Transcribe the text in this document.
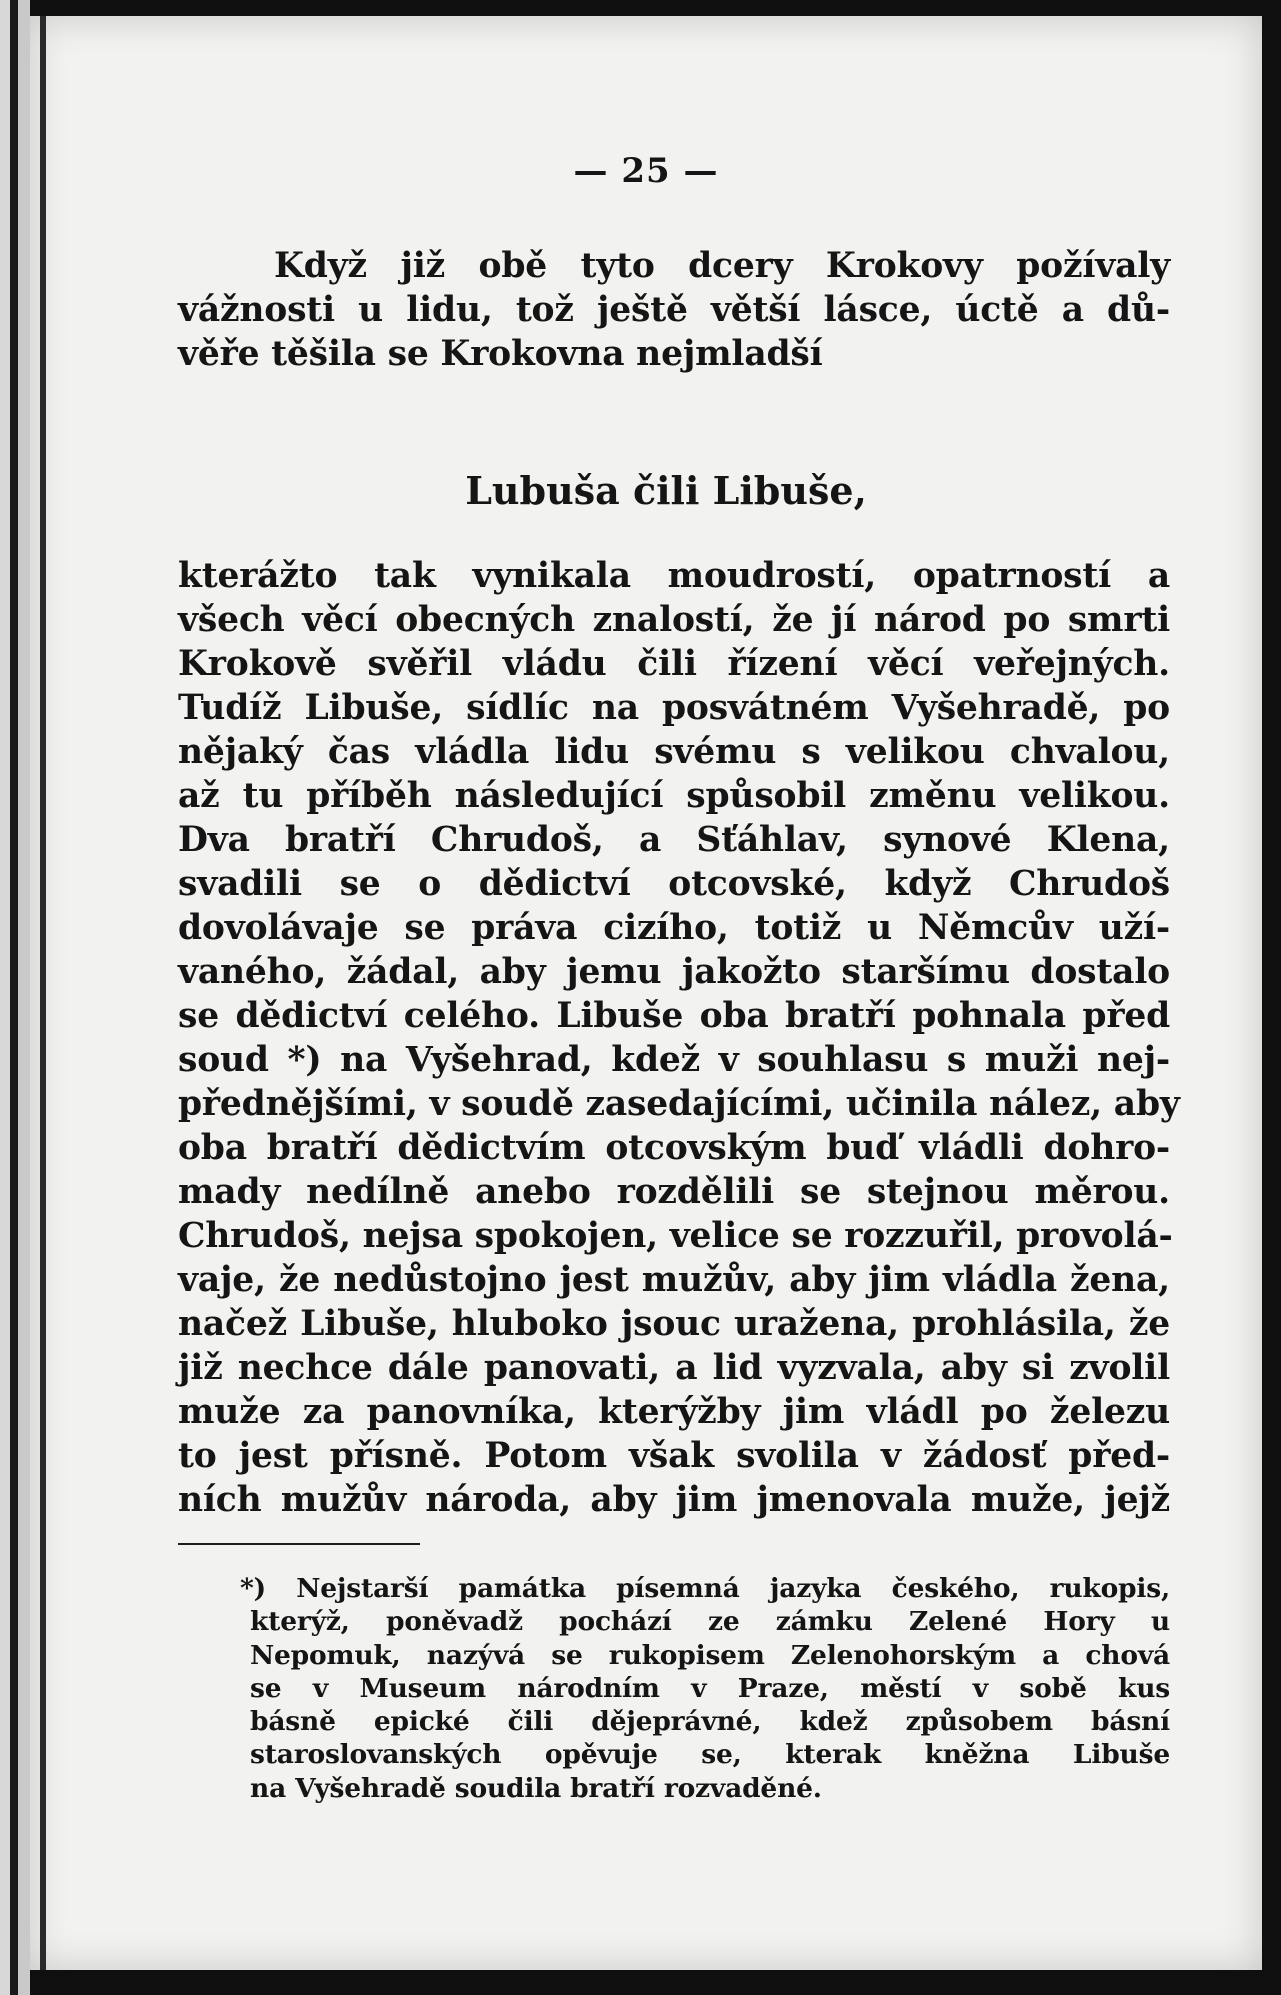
— 25 —
Když již obě tyto dcery Krokovy požívaly
vážnosti u lidu, tož ještě větší lásce, úctě a dů-
věře těšila se Krokovna nejmladší
Lubuša čili Libuše,
kterážto tak vynikala moudrostí, opatrností a
všech věcí obecných znalostí, že jí národ po smrti
Krokově svěřil vládu čili řízení věcí veřejných.
Tudíž Libuše, sídlíc na posvátném Vyšehradě, po
nějaký čas vládla lidu svému s velikou chvalou,
až tu příběh následující spůsobil změnu velikou.
Dva bratří Chrudoš, a Sťáhlav, synové Klena,
svadili se o dědictví otcovské, když Chrudoš
dovolávaje se práva cizího, totiž u Němcův uží-
vaného, žádal, aby jemu jakožto staršímu dostalo
se dědictví celého. Libuše oba bratří pohnala před
soud *) na Vyšehrad, kdež v souhlasu s muži nej-
přednějšími, v soudě zasedajícími, učinila nález, aby
oba bratří dědictvím otcovským buď vládli dohro-
mady nedílně anebo rozdělili se stejnou měrou.
Chrudoš, nejsa spokojen, velice se rozzuřil, provolá-
vaje, že nedůstojno jest mužův, aby jim vládla žena,
načež Libuše, hluboko jsouc uražena, prohlásila, že
již nechce dále panovati, a lid vyzvala, aby si zvolil
muže za panovníka, kterýžby jim vládl po železu
to jest přísně. Potom však svolila v žádosť před-
ních mužův národa, aby jim jmenovala muže, jejž
*) Nejstarší památka písemná jazyka českého, rukopis,
kterýž, poněvadž pochází ze zámku Zelené Hory u
Nepomuk, nazývá se rukopisem Zelenohorským a chová
se v Museum národním v Praze, městí v sobě kus
básně epické čili dějeprávné, kdež způsobem básní
staroslovanských opěvuje se, kterak kněžna Libuše
na Vyšehradě soudila bratří rozvaděné.
